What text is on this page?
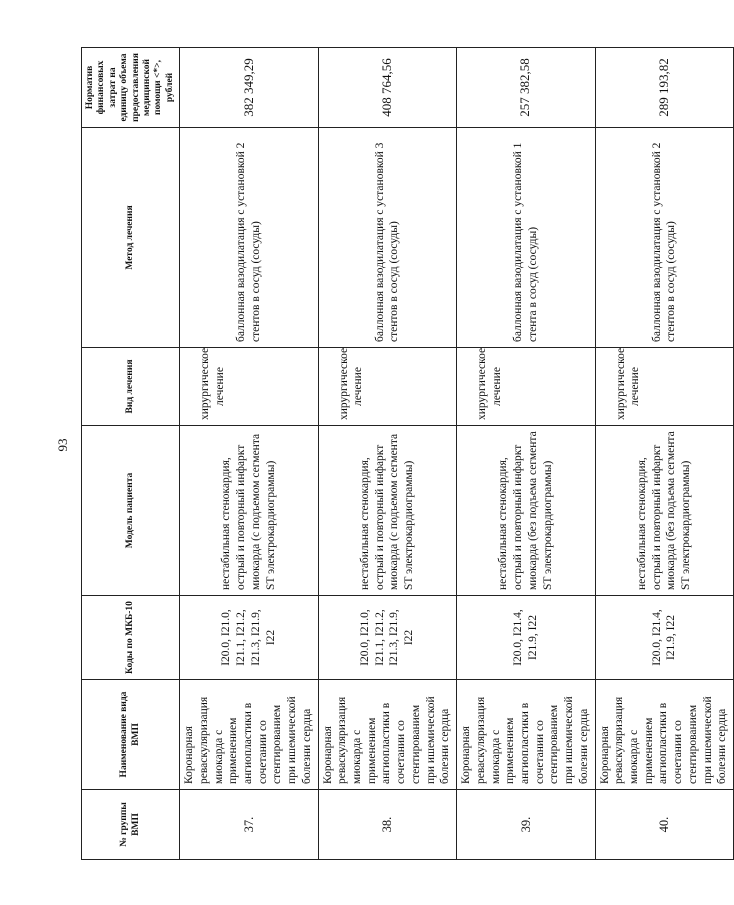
93
№ группы ВМП	Наименование вида ВМП	Коды по МКБ-10	Модель пациента	Вид лечения	Метод лечения	Норматив финансовых затрат на единицу объема предоставления медицинской помощи <*>, рублей
37.	Коронарная реваскуляризация миокарда с применением ангиопластики в сочетании со стентированием при ишемической болезни сердца	I20.0, I21.0, I21.1, I21.2, I21.3, I21.9, I22	нестабильная стенокардия, острый и повторный инфаркт миокарда (с подъемом сегмента ST электрокардиограммы)	хирургическое лечение	баллонная вазодилатация с установкой 2 стентов в сосуд (сосуды)	382 349,29
38.	Коронарная реваскуляризация миокарда с применением ангиопластики в сочетании со стентированием при ишемической болезни сердца	I20.0, I21.0, I21.1, I21.2, I21.3, I21.9, I22	нестабильная стенокардия, острый и повторный инфаркт миокарда (с подъемом сегмента ST электрокардиограммы)	хирургическое лечение	баллонная вазодилатация с установкой 3 стентов в сосуд (сосуды)	408 764,56
39.	Коронарная реваскуляризация миокарда с применением ангиопластики в сочетании со стентированием при ишемической болезни сердца	I20.0, I21.4, I21.9, I22	нестабильная стенокардия, острый и повторный инфаркт миокарда (без подъема сегмента ST электрокардиограммы)	хирургическое лечение	баллонная вазодилатация с установкой 1 стента в сосуд (сосуды)	257 382,58
40.	Коронарная реваскуляризация миокарда с применением ангиопластики в сочетании со стентированием при ишемической болезни сердца	I20.0, I21.4, I21.9, I22	нестабильная стенокардия, острый и повторный инфаркт миокарда (без подъема сегмента ST электрокардиограммы)	хирургическое лечение	баллонная вазодилатация с установкой 2 стентов в сосуд (сосуды)	289 193,82
